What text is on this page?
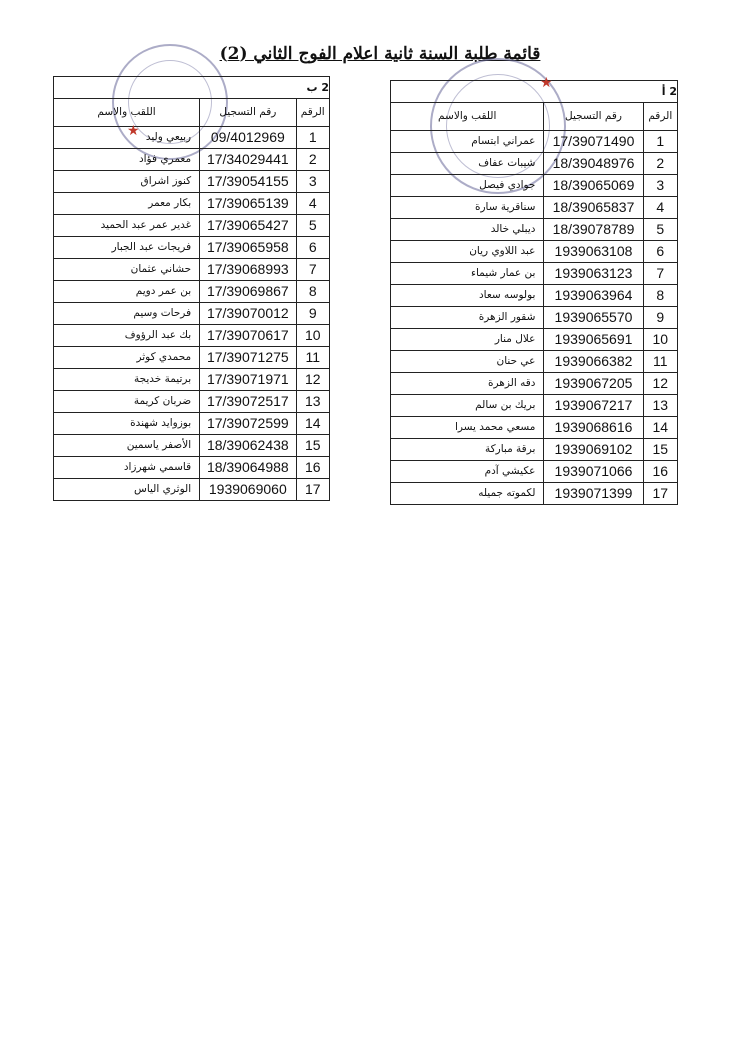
قائمة طلبة السنة ثانية اعلام الفوج الثاني (2)
2 ب		
الرقم	رقم التسجيل	اللقب والاسم
1	09/4012969	ربيعي وليد
2	17/34029441	معمري فؤاد
3	17/39054155	كنوز اشراق
4	17/39065139	بكار معمر
5	17/39065427	غدير عمر عبد الحميد
6	17/39065958	فريجات عبد الجبار
7	17/39068993	حشاني عثمان
8	17/39069867	بن عمر دويم
9	17/39070012	فرحات وسيم
10	17/39070617	بك عبد الرؤوف
11	17/39071275	محمدي كوثر
12	17/39071971	برتيمة خديجة
13	17/39072517	ضربان كريمة
14	17/39072599	بوزوايد شهندة
15	18/39062438	الأصفر ياسمين
16	18/39064988	قاسمي شهرزاد
17	1939069060	الوثري الياس
2 أ		
الرقم	رقم التسجيل	اللقب والاسم
1	17/39071490	عمراني ابتسام
2	18/39048976	شيبات عفاف
3	18/39065069	جوادي فيصل
4	18/39065837	سناقرية سارة
5	18/39078789	ديبلي خالد
6	1939063108	عبد اللاوي ريان
7	1939063123	بن عمار شيماء
8	1939063964	بولوسه سعاد
9	1939065570	شقور الزهرة
10	1939065691	علال منار
11	1939066382	عي حنان
12	1939067205	دقه الزهرة
13	1939067217	بريك بن سالم
14	1939068616	مسعي محمد يسرا
15	1939069102	برقة مباركة
16	1939071066	عكيشي آدم
17	1939071399	لكموته جميله
★
★
